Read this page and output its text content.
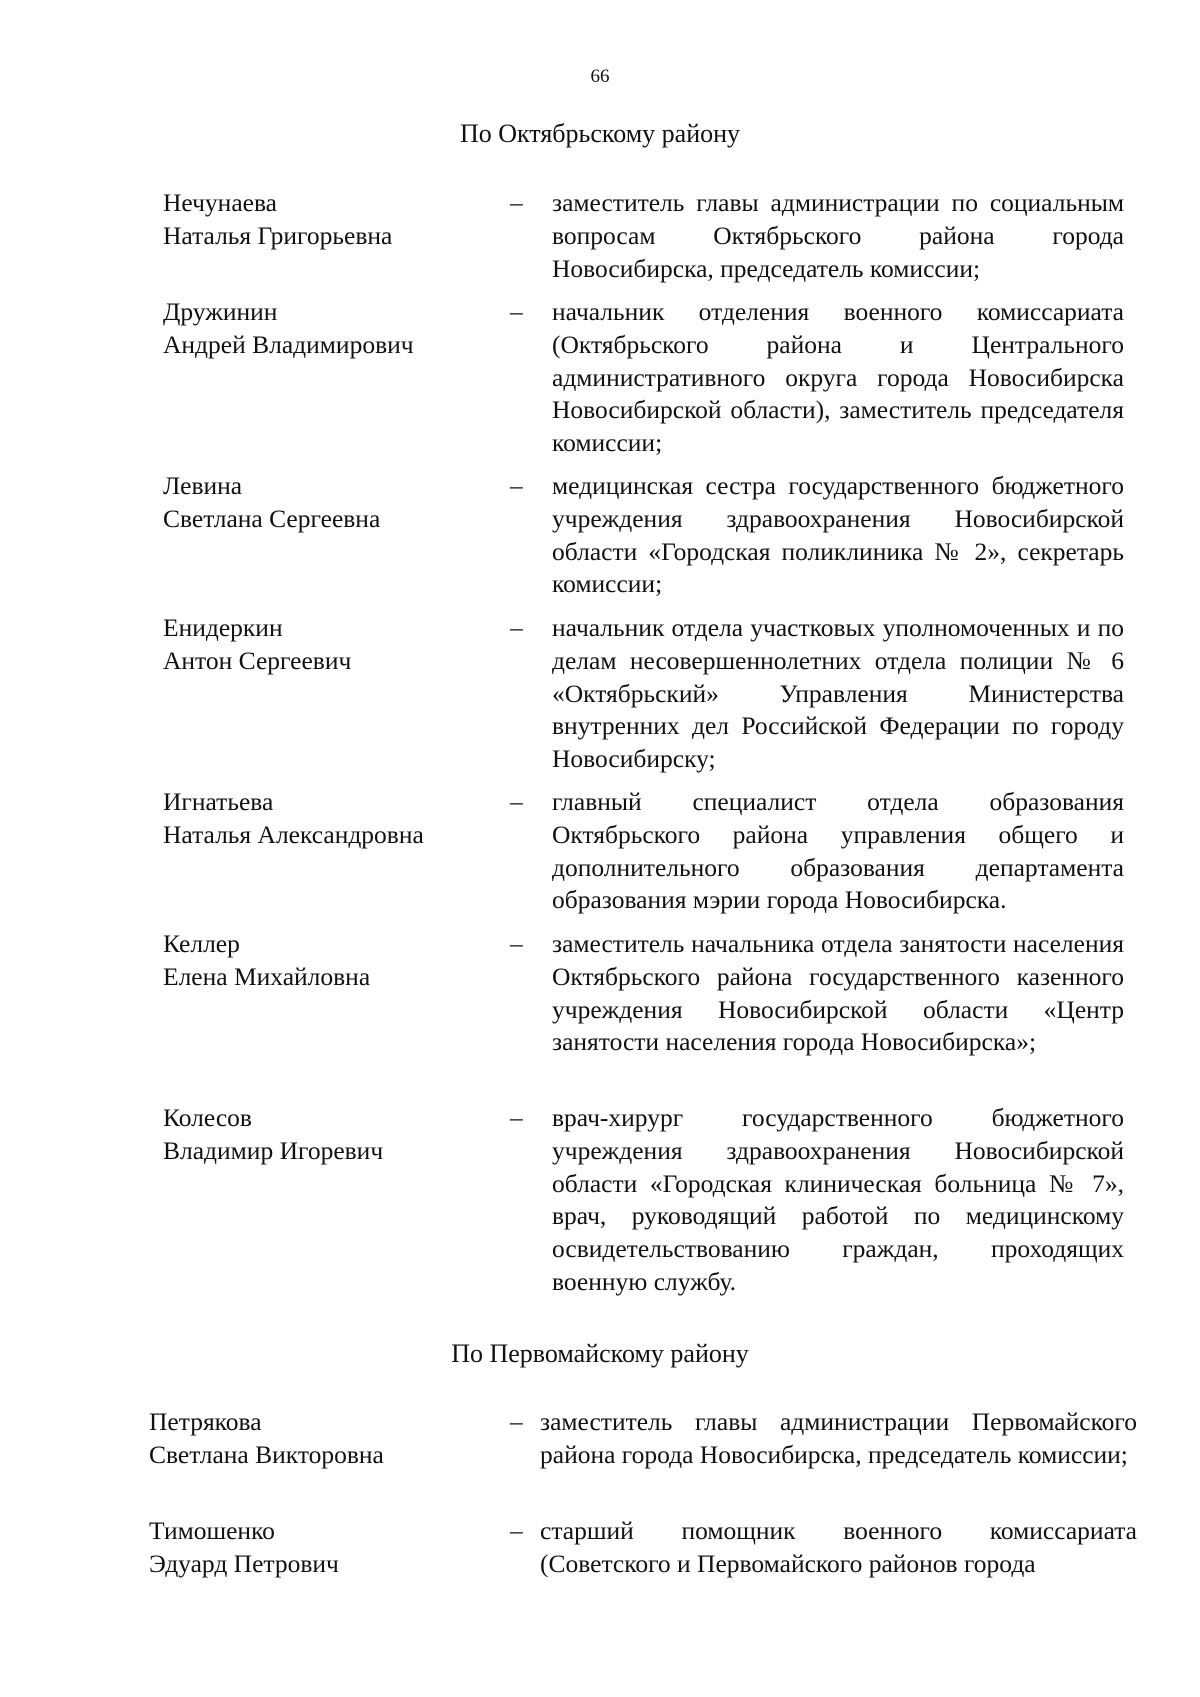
66
По Октябрьскому району
Нечунаева
Наталья Григорьевна
–	заместитель главы администрации по социальным вопросам Октябрьского района города Новосибирска, председатель комиссии;
Дружинин
Андрей Владимирович
–	начальник отделения военного комиссариата (Октябрьского района и Центрального административного округа города Новосибирска Новосибирской области), заместитель председателя комиссии;
Левина
Светлана Сергеевна
–	медицинская сестра государственного бюджетного учреждения здравоохранения Новосибирской области «Городская поликлиника № 2», секретарь комиссии;
Енидеркин
Антон Сергеевич
–	начальник отдела участковых уполномоченных и по делам несовершеннолетних отдела полиции № 6 «Октябрьский» Управления Министерства внутренних дел Российской Федерации по городу Новосибирску;
Игнатьева
Наталья Александровна
–	главный специалист отдела образования Октябрьского района управления общего и дополнительного образования департамента образования мэрии города Новосибирска.
Келлер
Елена Михайловна
–	заместитель начальника отдела занятости населения Октябрьского района государственного казенного учреждения Новосибирской области «Центр занятости населения города Новосибирска»;
Колесов
Владимир Игоревич
–	врач-хирург государственного бюджетного учреждения здравоохранения Новосибирской области «Городская клиническая больница № 7», врач, руководящий работой по медицинскому освидетельствованию граждан, проходящих военную службу.
По Первомайскому району
Петрякова
Светлана Викторовна
– заместитель главы администрации Первомайского района города Новосибирска, председатель комиссии;
Тимошенко
Эдуард Петрович
– старший помощник военного комиссариата (Советского и Первомайского районов города
